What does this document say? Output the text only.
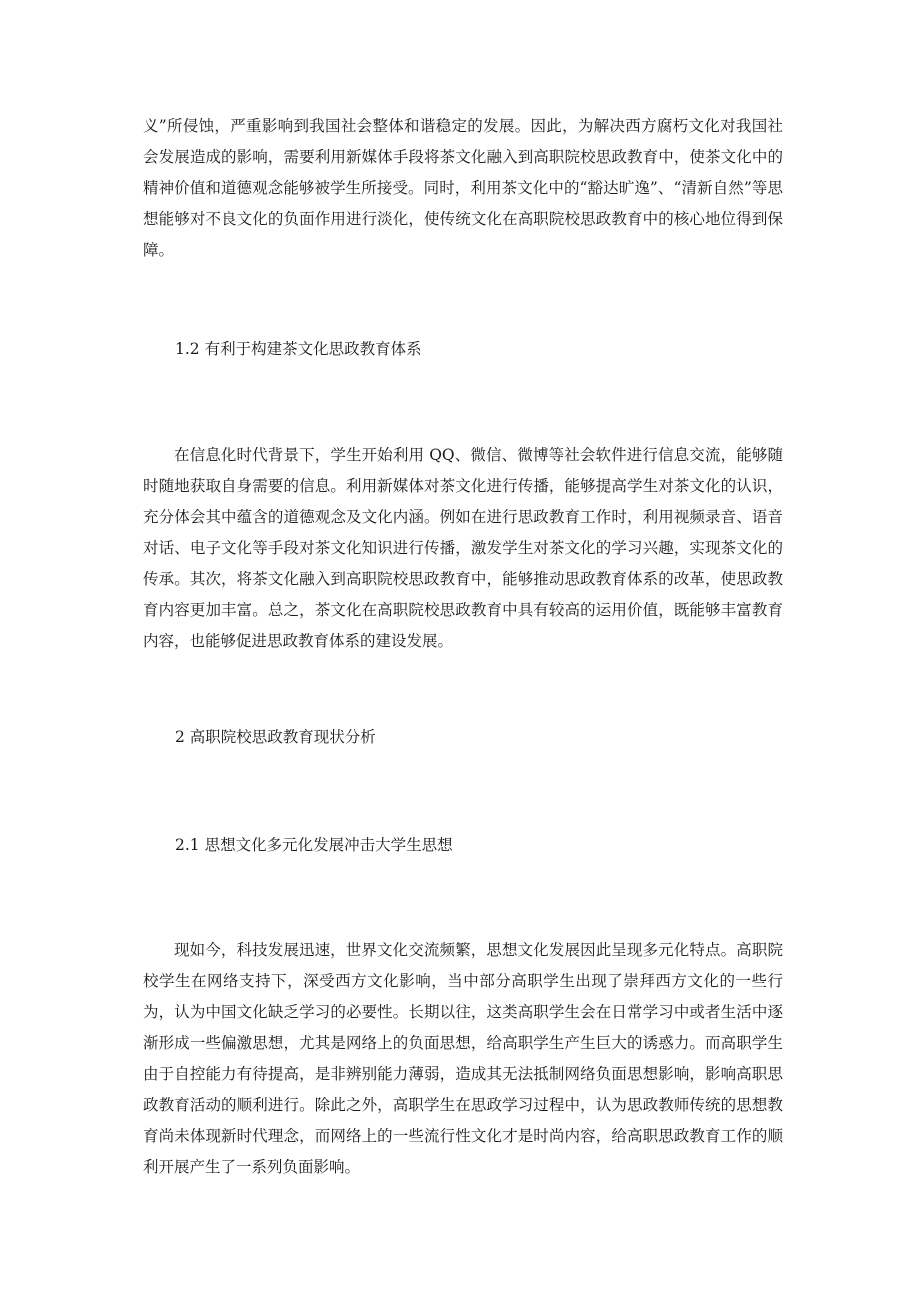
义”所侵蚀，严重影响到我国社会整体和谐稳定的发展。因此，为解决西方腐朽文化对我国社会发展造成的影响，需要利用新媒体手段将茶文化融入到高职院校思政教育中，使茶文化中的精神价值和道德观念能够被学生所接受。同时，利用茶文化中的“豁达旷逸”、“清新自然”等思想能够对不良文化的负面作用进行淡化，使传统文化在高职院校思政教育中的核心地位得到保障。

1.2 有利于构建茶文化思政教育体系

在信息化时代背景下，学生开始利用 QQ、微信、微博等社会软件进行信息交流，能够随时随地获取自身需要的信息。利用新媒体对茶文化进行传播，能够提高学生对茶文化的认识，充分体会其中蕴含的道德观念及文化内涵。例如在进行思政教育工作时，利用视频录音、语音对话、电子文化等手段对茶文化知识进行传播，激发学生对茶文化的学习兴趣，实现茶文化的传承。其次，将茶文化融入到高职院校思政教育中，能够推动思政教育体系的改革，使思政教育内容更加丰富。总之，茶文化在高职院校思政教育中具有较高的运用价值，既能够丰富教育内容，也能够促进思政教育体系的建设发展。

2 高职院校思政教育现状分析
2.1 思想文化多元化发展冲击大学生思想

现如今，科技发展迅速，世界文化交流频繁，思想文化发展因此呈现多元化特点。高职院校学生在网络支持下，深受西方文化影响，当中部分高职学生出现了崇拜西方文化的一些行为，认为中国文化缺乏学习的必要性。长期以往，这类高职学生会在日常学习中或者生活中逐渐形成一些偏激思想，尤其是网络上的负面思想，给高职学生产生巨大的诱惑力。而高职学生由于自控能力有待提高，是非辨别能力薄弱，造成其无法抵制网络负面思想影响，影响高职思政教育活动的顺利进行。除此之外，高职学生在思政学习过程中，认为思政教师传统的思想教育尚未体现新时代理念，而网络上的一些流行性文化才是时尚内容，给高职思政教育工作的顺利开展产生了一系列负面影响。
